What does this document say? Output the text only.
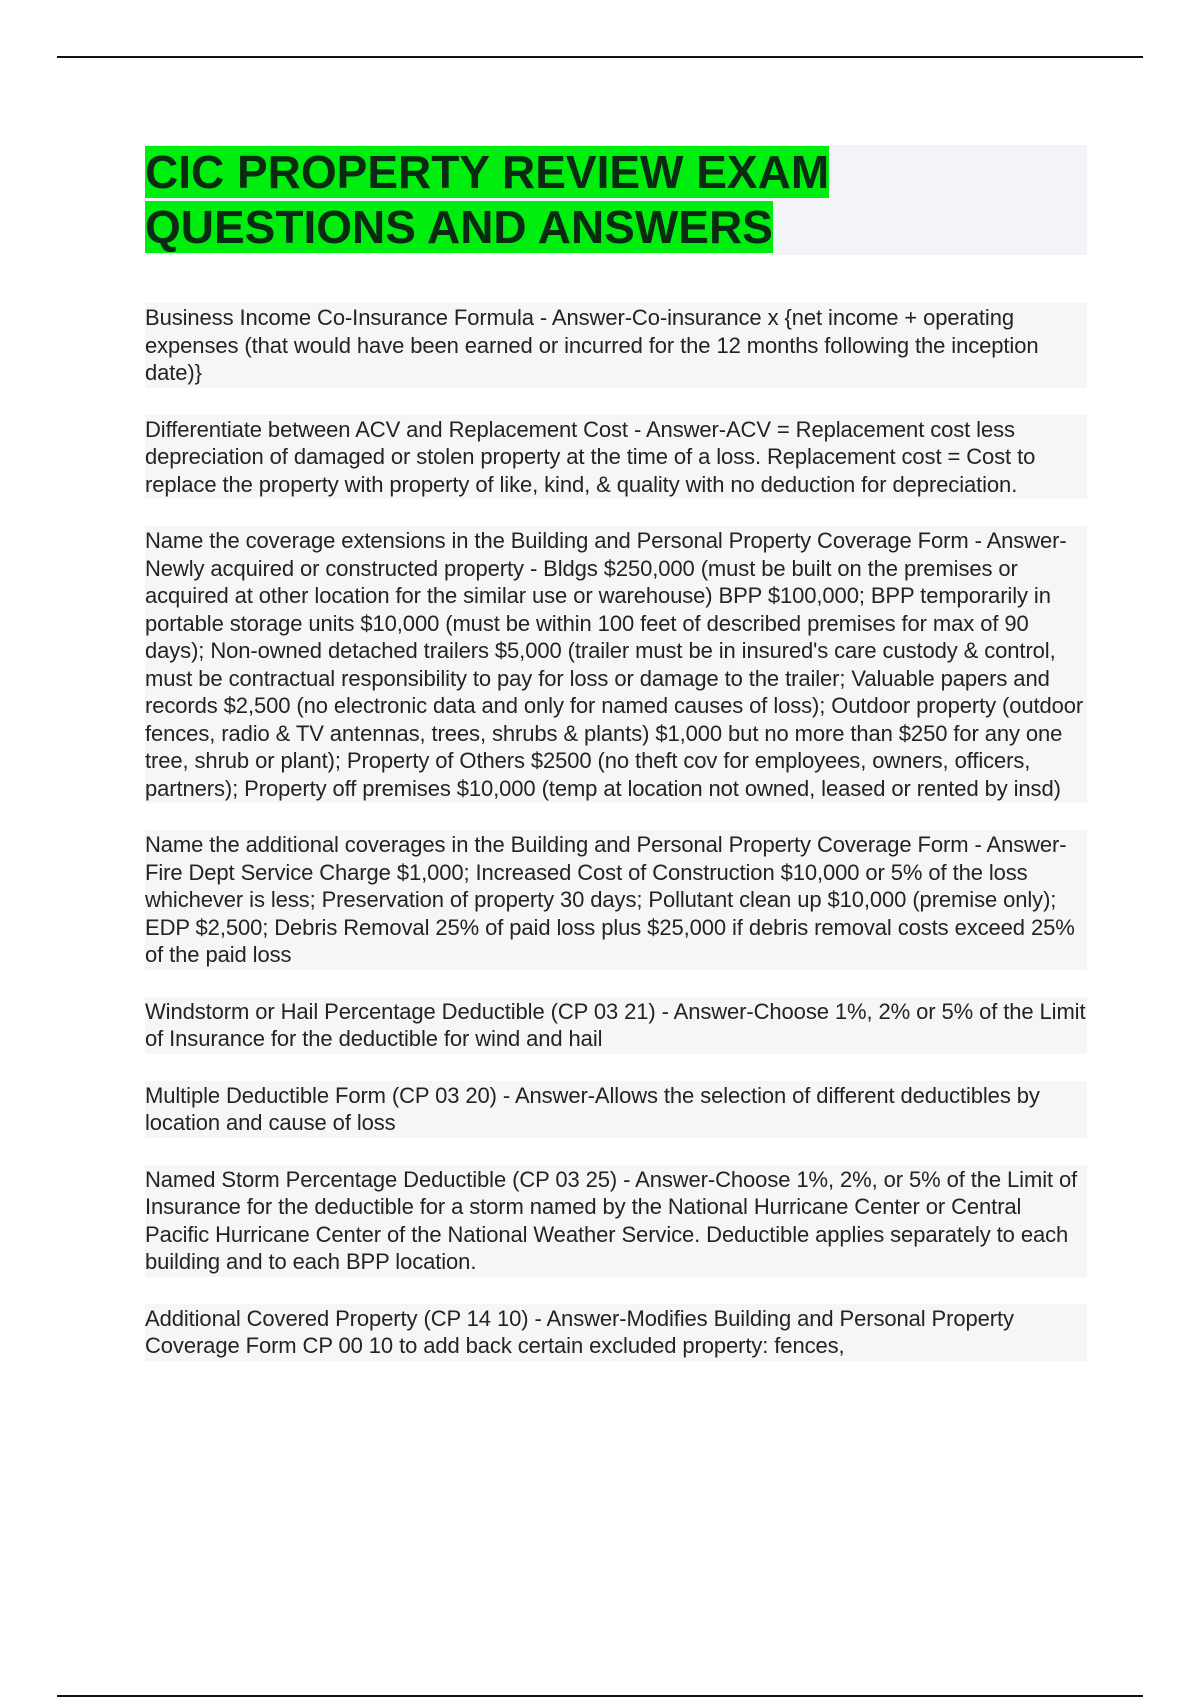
CIC PROPERTY REVIEW EXAM
QUESTIONS AND ANSWERS

Business Income Co-Insurance Formula - Answer-Co-insurance x {net income + operating expenses (that would have been earned or incurred for the 12 months following the inception date)}

Differentiate between ACV and Replacement Cost - Answer-ACV = Replacement cost less depreciation of damaged or stolen property at the time of a loss. Replacement cost = Cost to replace the property with property of like, kind, & quality with no deduction for depreciation.

Name the coverage extensions in the Building and Personal Property Coverage Form - Answer-Newly acquired or constructed property - Bldgs $250,000 (must be built on the premises or acquired at other location for the similar use or warehouse) BPP $100,000; BPP temporarily in portable storage units $10,000 (must be within 100 feet of described premises for max of 90 days); Non-owned detached trailers $5,000 (trailer must be in insured's care custody & control, must be contractual responsibility to pay for loss or damage to the trailer; Valuable papers and records $2,500 (no electronic data and only for named causes of loss); Outdoor property (outdoor fences, radio & TV antennas, trees, shrubs & plants) $1,000 but no more than $250 for any one tree, shrub or plant); Property of Others $2500 (no theft cov for employees, owners, officers, partners); Property off premises $10,000 (temp at location not owned, leased or rented by insd)

Name the additional coverages in the Building and Personal Property Coverage Form - Answer-Fire Dept Service Charge $1,000; Increased Cost of Construction $10,000 or 5% of the loss whichever is less; Preservation of property 30 days; Pollutant clean up $10,000 (premise only); EDP $2,500; Debris Removal 25% of paid loss plus $25,000 if debris removal costs exceed 25% of the paid loss

Windstorm or Hail Percentage Deductible (CP 03 21) - Answer-Choose 1%, 2% or 5% of the Limit of Insurance for the deductible for wind and hail

Multiple Deductible Form (CP 03 20) - Answer-Allows the selection of different deductibles by location and cause of loss

Named Storm Percentage Deductible (CP 03 25) - Answer-Choose 1%, 2%, or 5% of the Limit of Insurance for the deductible for a storm named by the National Hurricane Center or Central Pacific Hurricane Center of the National Weather Service. Deductible applies separately to each building and to each BPP location.

Additional Covered Property (CP 14 10) - Answer-Modifies Building and Personal Property Coverage Form CP 00 10 to add back certain excluded property: fences,
